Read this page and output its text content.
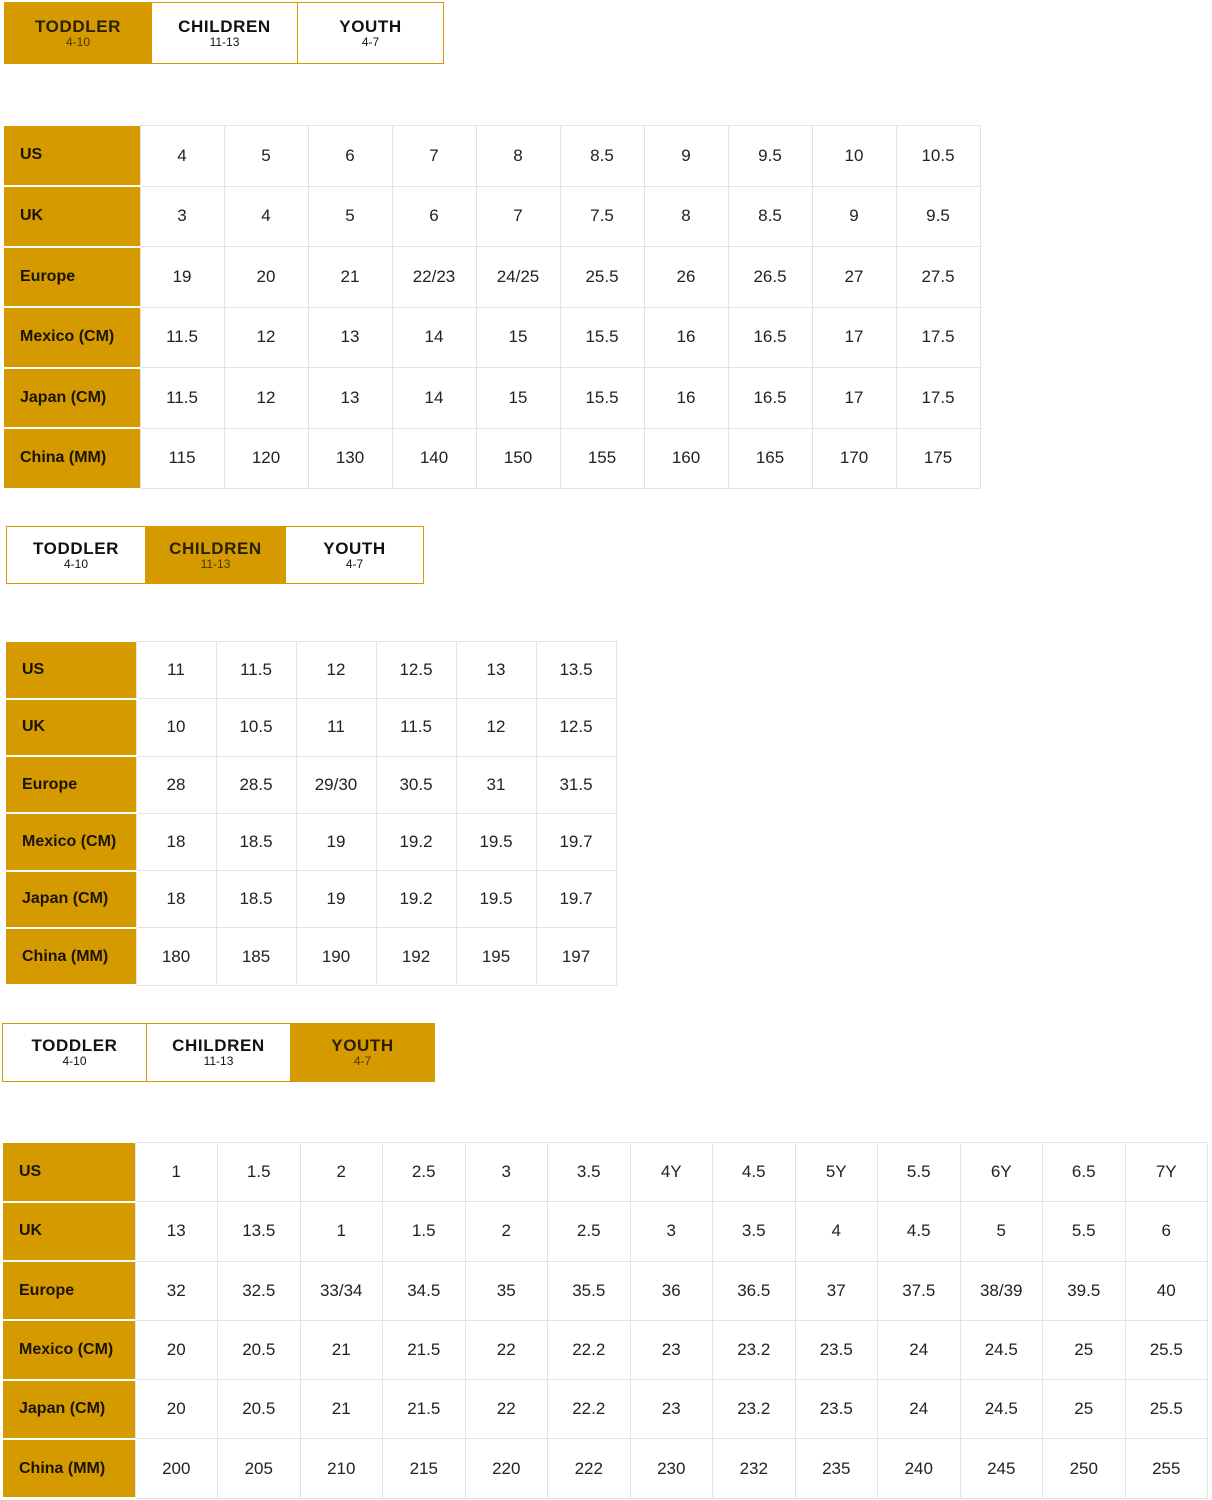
TODDLER
4-10
CHILDREN
11-13
YOUTH
4-7
US	4	5	6	7	8	8.5	9	9.5	10	10.5
UK	3	4	5	6	7	7.5	8	8.5	9	9.5
Europe	19	20	21	22/23	24/25	25.5	26	26.5	27	27.5
Mexico (CM)	11.5	12	13	14	15	15.5	16	16.5	17	17.5
Japan (CM)	11.5	12	13	14	15	15.5	16	16.5	17	17.5
China (MM)	115	120	130	140	150	155	160	165	170	175
TODDLER
4-10
CHILDREN
11-13
YOUTH
4-7
US	11	11.5	12	12.5	13	13.5
UK	10	10.5	11	11.5	12	12.5
Europe	28	28.5	29/30	30.5	31	31.5
Mexico (CM)	18	18.5	19	19.2	19.5	19.7
Japan (CM)	18	18.5	19	19.2	19.5	19.7
China (MM)	180	185	190	192	195	197
TODDLER
4-10
CHILDREN
11-13
YOUTH
4-7
US	1	1.5	2	2.5	3	3.5	4Y	4.5	5Y	5.5	6Y	6.5	7Y
UK	13	13.5	1	1.5	2	2.5	3	3.5	4	4.5	5	5.5	6
Europe	32	32.5	33/34	34.5	35	35.5	36	36.5	37	37.5	38/39	39.5	40
Mexico (CM)	20	20.5	21	21.5	22	22.2	23	23.2	23.5	24	24.5	25	25.5
Japan (CM)	20	20.5	21	21.5	22	22.2	23	23.2	23.5	24	24.5	25	25.5
China (MM)	200	205	210	215	220	222	230	232	235	240	245	250	255
